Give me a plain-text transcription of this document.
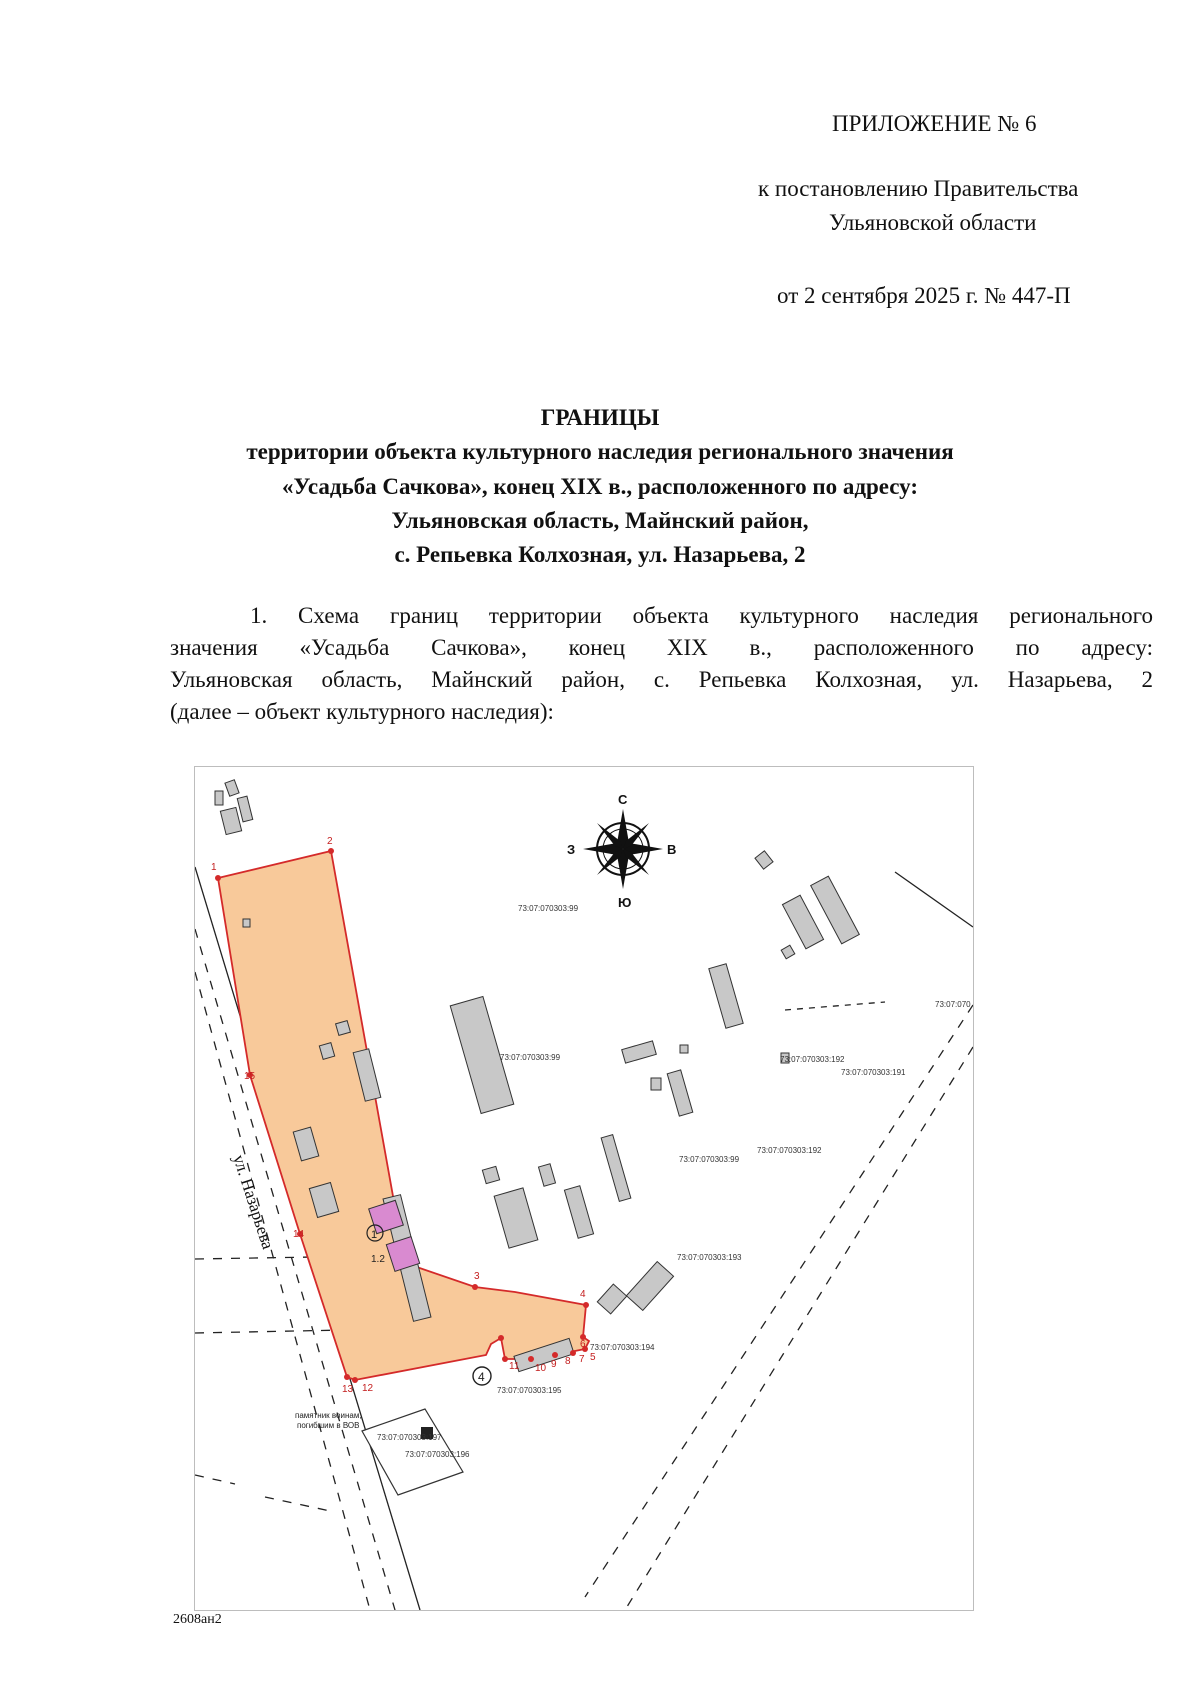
ПРИЛОЖЕНИЕ № 6
к постановлению Правительства
Ульяновской области
от 2 сентября 2025 г. № 447-П
ГРАНИЦЫ
территории объекта культурного наследия регионального значения
«Усадьба Сачкова», конец XIX в., расположенного по адресу:
Ульяновская область, Майнский район,
с. Репьевка Колхозная, ул. Назарьева, 2
1. Схема границ территории объекта культурного наследия регионального
значения «Усадьба Сачкова», конец XIX в., расположенного по адресу:
Ульяновская область, Майнский район, с. Репьевка Колхозная, ул. Назарьева, 2
(далее – объект культурного наследия):
1
1.2
4
памятник воинам,
погибшим в ВОВ
1
2
3
4
5
6
7
8
9
10
11
12
13
14
15
ул. Назарьева
73:07:070303:99
73:07:070303:99
73:07:070303:99
73:07:070
73:07:070303:192
73:07:070303:191
73:07:070303:192
73:07:070303:193
73:07:070303:194
73:07:070303:195
73:07:070303:197
73:07:070303:196
С
Ю
З	В
2608ан2
